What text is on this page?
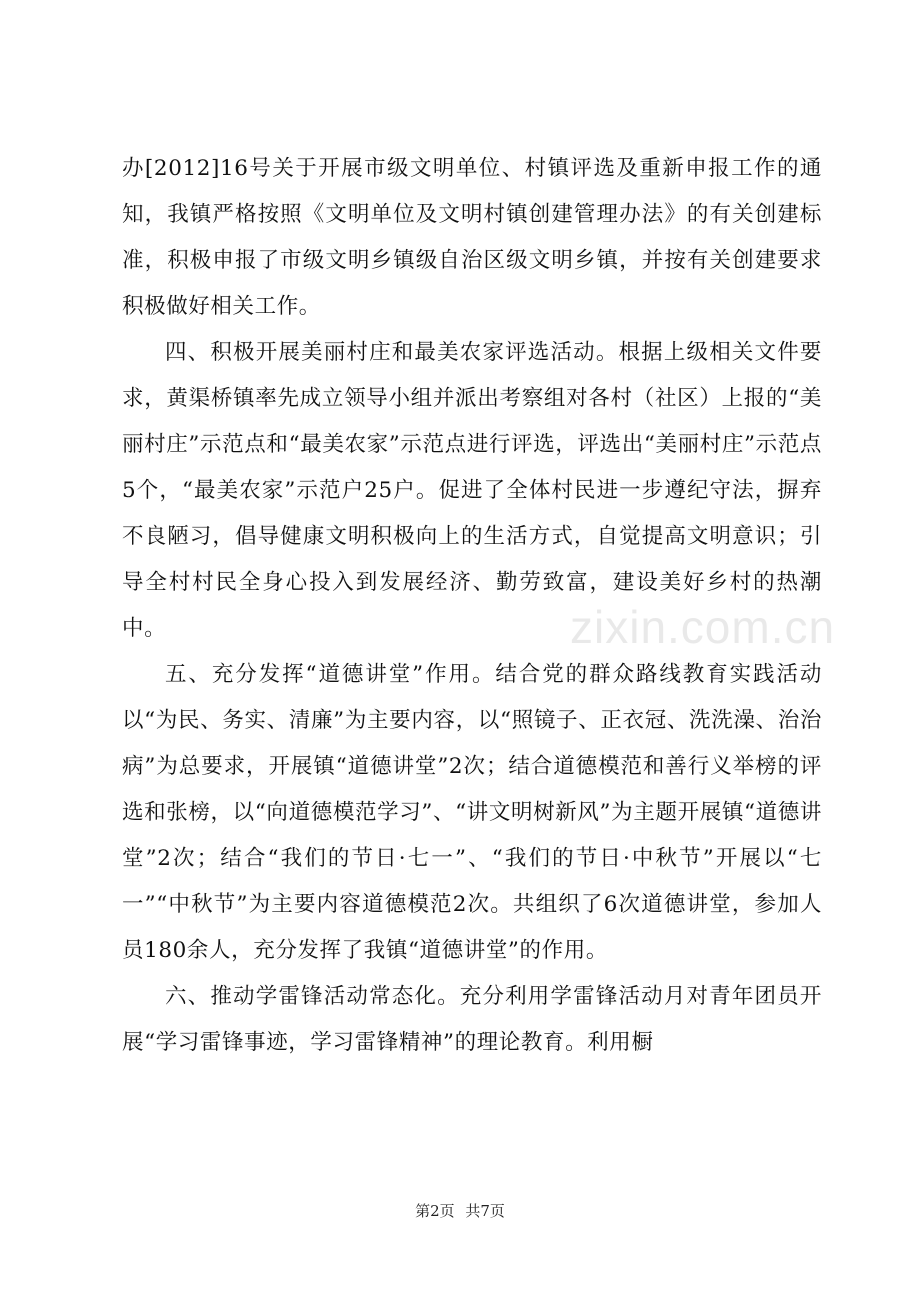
办[2012]16号关于开展市级文明单位、村镇评选及重新申报工作的通知，我镇严格按照《文明单位及文明村镇创建管理办法》的有关创建标准，积极申报了市级文明乡镇级自治区级文明乡镇，并按有关创建要求积极做好相关工作。

四、积极开展美丽村庄和最美农家评选活动。根据上级相关文件要求，黄渠桥镇率先成立领导小组并派出考察组对各村（社区）上报的“美丽村庄”示范点和“最美农家”示范点进行评选，评选出“美丽村庄”示范点5个，“最美农家”示范户25户。促进了全体村民进一步遵纪守法，摒弃不良陋习，倡导健康文明积极向上的生活方式，自觉提高文明意识；引导全村村民全身心投入到发展经济、勤劳致富，建设美好乡村的热潮中。

五、充分发挥“道德讲堂”作用。结合党的群众路线教育实践活动以“为民、务实、清廉”为主要内容，以“照镜子、正衣冠、洗洗澡、治治病”为总要求，开展镇“道德讲堂”2次；结合道德模范和善行义举榜的评选和张榜，以“向道德模范学习”、“讲文明树新风”为主题开展镇“道德讲堂”2次；结合“我们的节日·七一”、“我们的节日·中秋节”开展以“七一”“中秋节”为主要内容道德模范2次。共组织了6次道德讲堂，参加人员180余人，充分发挥了我镇“道德讲堂”的作用。

六、推动学雷锋活动常态化。充分利用学雷锋活动月对青年团员开展“学习雷锋事迹，学习雷锋精神”的理论教育。利用橱

zixin.com.cn
第2页 共7页
